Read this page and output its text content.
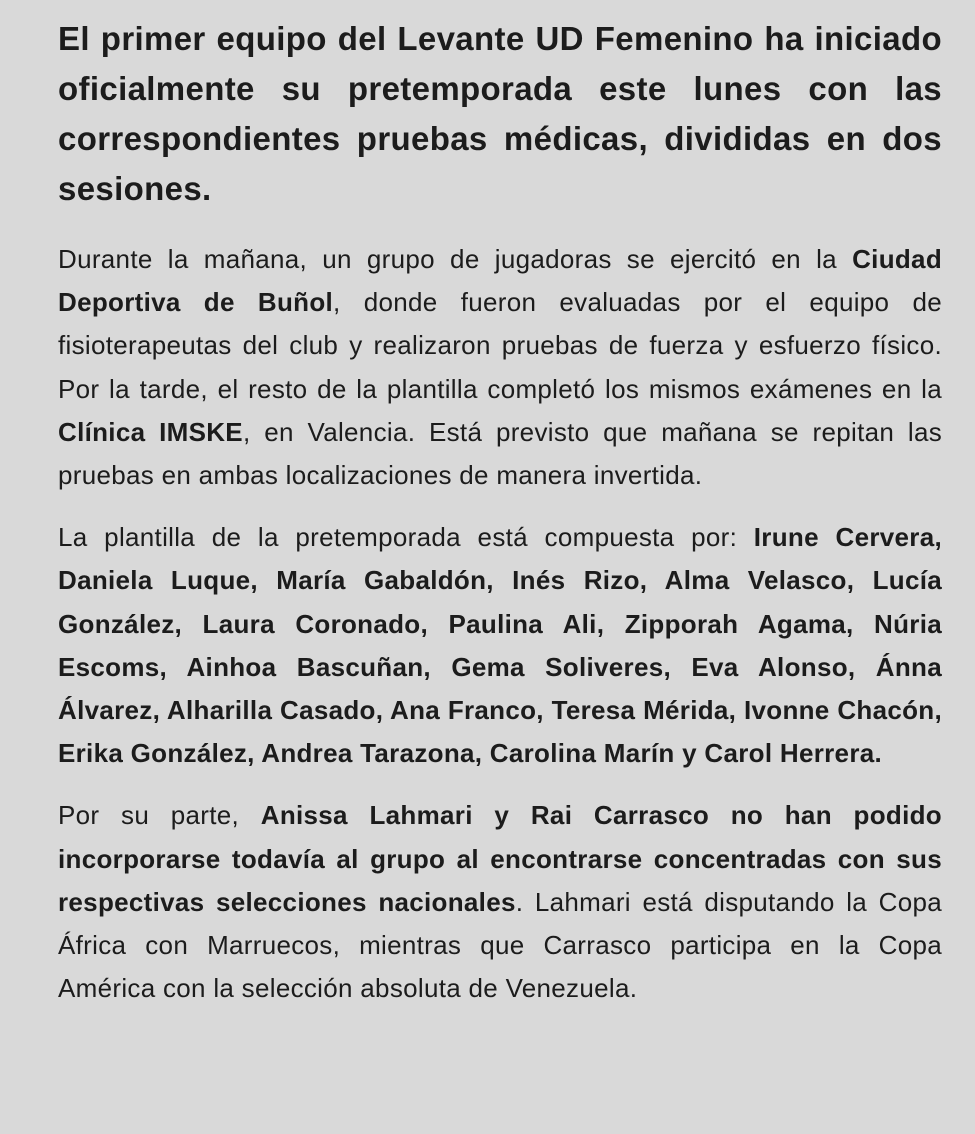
El primer equipo del Levante UD Femenino ha iniciado oficialmente su pretemporada este lunes con las correspondientes pruebas médicas, divididas en dos sesiones.

Durante la mañana, un grupo de jugadoras se ejercitó en la Ciudad Deportiva de Buñol, donde fueron evaluadas por el equipo de fisioterapeutas del club y realizaron pruebas de fuerza y esfuerzo físico. Por la tarde, el resto de la plantilla completó los mismos exámenes en la Clínica IMSKE, en Valencia. Está previsto que mañana se repitan las pruebas en ambas localizaciones de manera invertida.

La plantilla de la pretemporada está compuesta por: Irune Cervera, Daniela Luque, María Gabaldón, Inés Rizo, Alma Velasco, Lucía González, Laura Coronado, Paulina Ali, Zipporah Agama, Núria Escoms, Ainhoa Bascuñan, Gema Soliveres, Eva Alonso, Ánna Álvarez, Alharilla Casado, Ana Franco, Teresa Mérida, Ivonne Chacón, Erika González, Andrea Tarazona, Carolina Marín y Carol Herrera.

Por su parte, Anissa Lahmari y Rai Carrasco no han podido incorporarse todavía al grupo al encontrarse concentradas con sus respectivas selecciones nacionales. Lahmari está disputando la Copa África con Marruecos, mientras que Carrasco participa en la Copa América con la selección absoluta de Venezuela.
